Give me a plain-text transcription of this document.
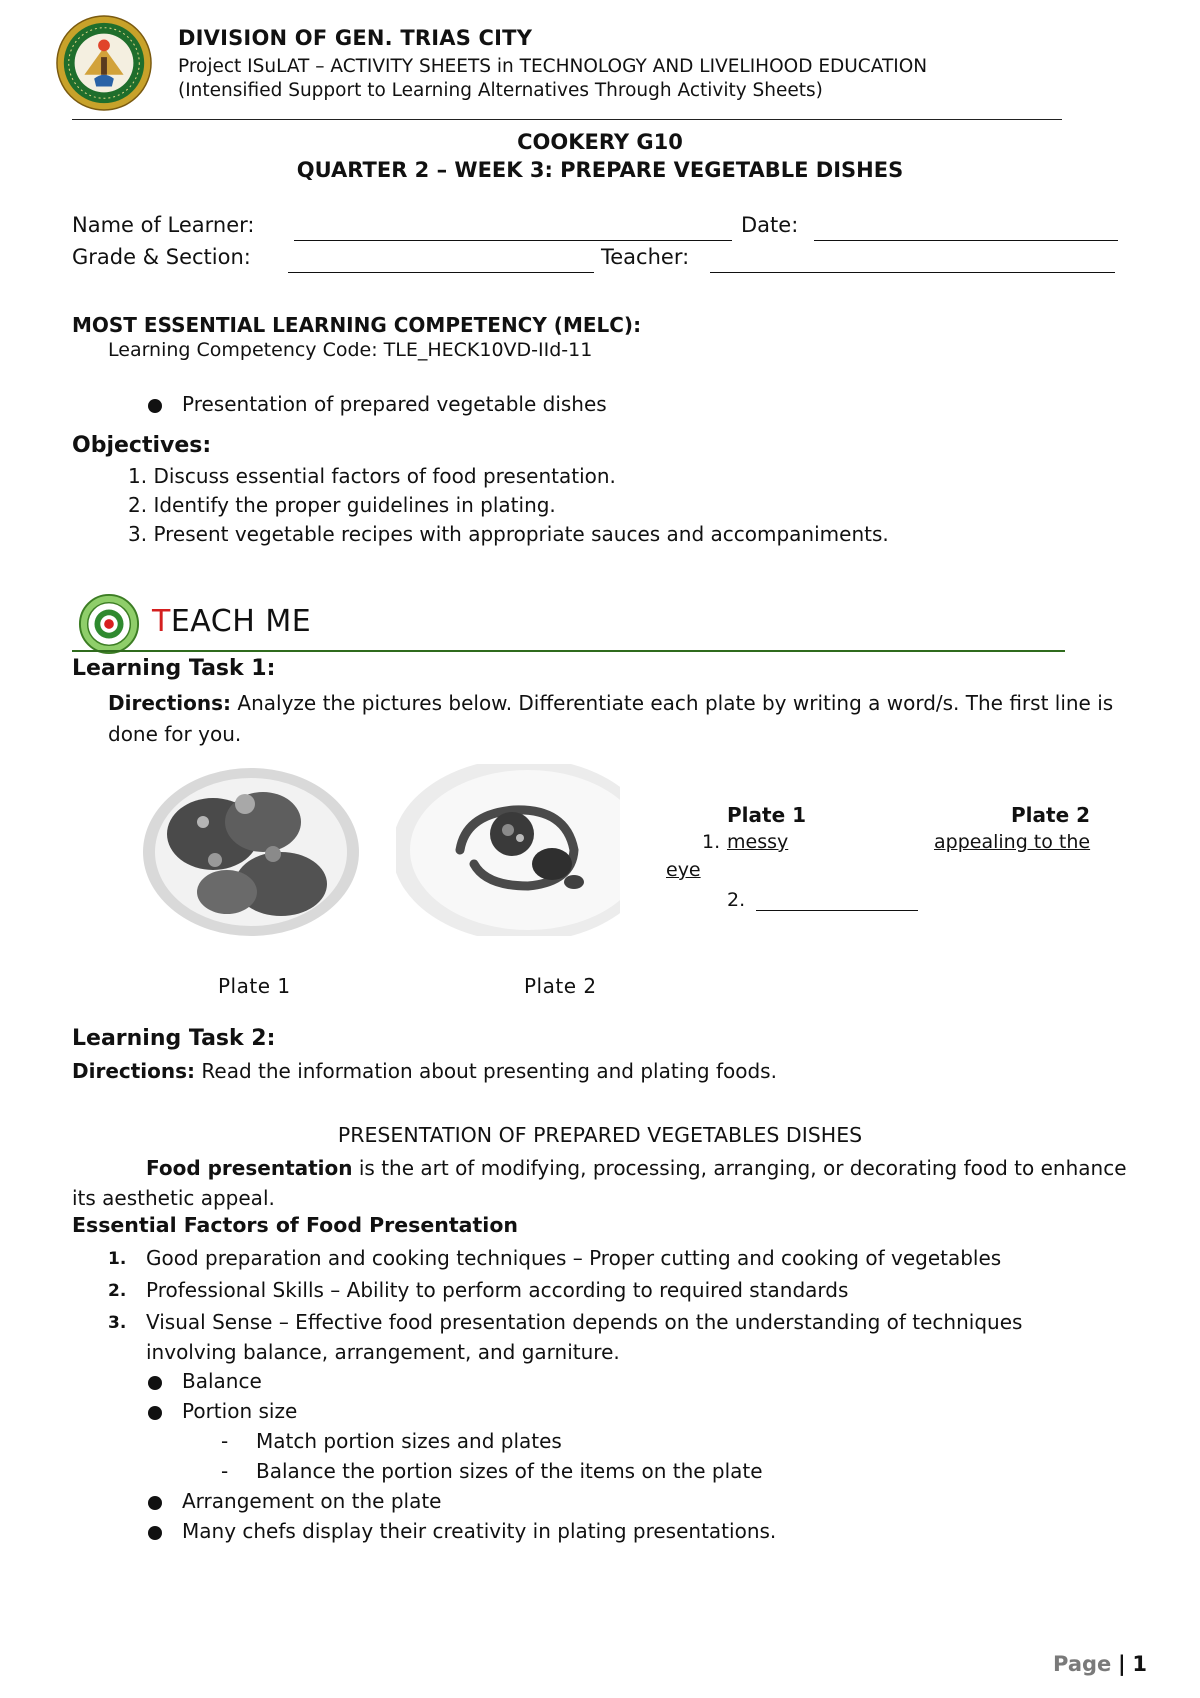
DIVISION OF GEN. TRIAS CITY
Project ISuLAT – ACTIVITY SHEETS in TECHNOLOGY AND LIVELIHOOD EDUCATION
(Intensified Support to Learning Alternatives Through Activity Sheets)
COOKERY G10
QUARTER 2 – WEEK 3: PREPARE VEGETABLE DISHES
Name of Learner:	Date:
Grade & Section:	Teacher:
MOST ESSENTIAL LEARNING COMPETENCY (MELC):
Learning Competency Code: TLE_HECK10VD-IId-11
Presentation of prepared vegetable dishes
Objectives:
1. Discuss essential factors of food presentation.
2. Identify the proper guidelines in plating.
3. Present vegetable recipes with appropriate sauces and accompaniments.
TEACH ME
Learning Task 1:
Directions: Analyze the pictures below. Differentiate each plate by writing a word/s. The first line is done for you.
Plate 1	Plate 2
Plate 1	Plate 2
1. messy	appealing to the
eye
2.
Learning Task 2:
Directions: Read the information about presenting and plating foods.
PRESENTATION OF PREPARED VEGETABLES DISHES
Food presentation is the art of modifying, processing, arranging, or decorating food to enhance its aesthetic appeal.
Essential Factors of Food Presentation
1. Good preparation and cooking techniques – Proper cutting and cooking of vegetables
2. Professional Skills – Ability to perform according to required standards
3. Visual Sense – Effective food presentation depends on the understanding of techniques
involving balance, arrangement, and garniture.
Balance
Portion size
- Match portion sizes and plates
- Balance the portion sizes of the items on the plate
Arrangement on the plate
Many chefs display their creativity in plating presentations.
Page | 1
